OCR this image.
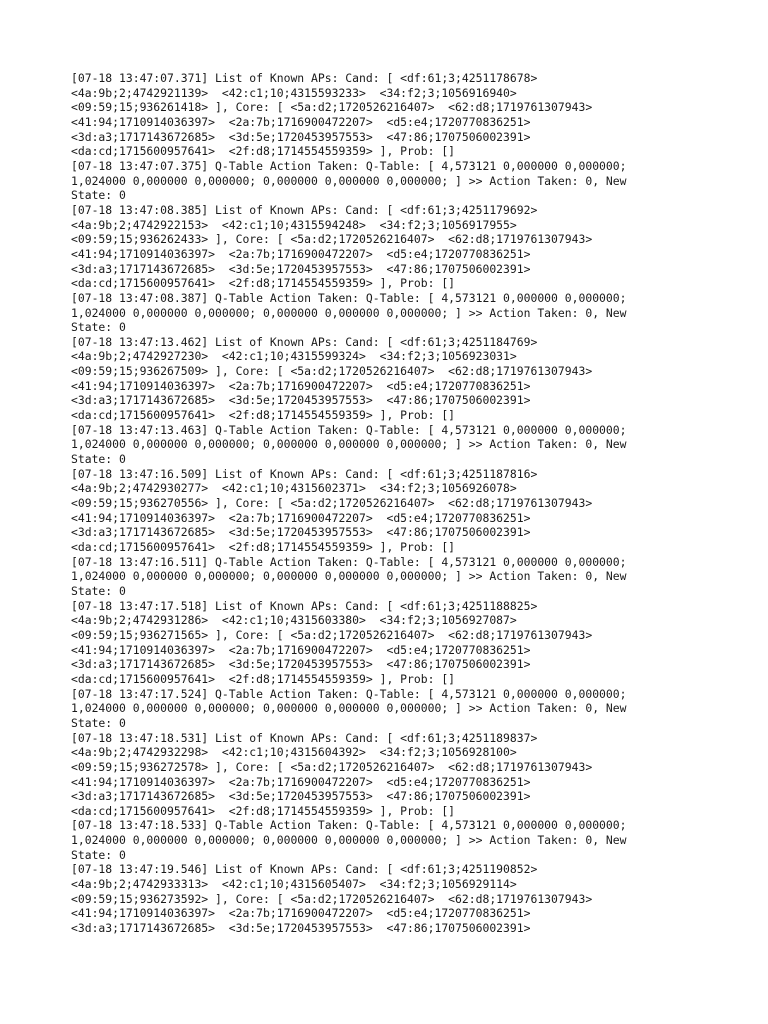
[07-18 13:47:07.371] List of Known APs: Cand: [ <df:61;3;4251178678>
<4a:9b;2;4742921139>  <42:c1;10;4315593233>  <34:f2;3;1056916940>
<09:59;15;936261418> ], Core: [ <5a:d2;1720526216407>  <62:d8;1719761307943>
<41:94;1710914036397>  <2a:7b;1716900472207>  <d5:e4;1720770836251>
<3d:a3;1717143672685>  <3d:5e;1720453957553>  <47:86;1707506002391>
<da:cd;1715600957641>  <2f:d8;1714554559359> ], Prob: []
[07-18 13:47:07.375] Q-Table Action Taken: Q-Table: [ 4,573121 0,000000 0,000000;
1,024000 0,000000 0,000000; 0,000000 0,000000 0,000000; ] >> Action Taken: 0, New
State: 0
[07-18 13:47:08.385] List of Known APs: Cand: [ <df:61;3;4251179692>
<4a:9b;2;4742922153>  <42:c1;10;4315594248>  <34:f2;3;1056917955>
<09:59;15;936262433> ], Core: [ <5a:d2;1720526216407>  <62:d8;1719761307943>
<41:94;1710914036397>  <2a:7b;1716900472207>  <d5:e4;1720770836251>
<3d:a3;1717143672685>  <3d:5e;1720453957553>  <47:86;1707506002391>
<da:cd;1715600957641>  <2f:d8;1714554559359> ], Prob: []
[07-18 13:47:08.387] Q-Table Action Taken: Q-Table: [ 4,573121 0,000000 0,000000;
1,024000 0,000000 0,000000; 0,000000 0,000000 0,000000; ] >> Action Taken: 0, New
State: 0
[07-18 13:47:13.462] List of Known APs: Cand: [ <df:61;3;4251184769>
<4a:9b;2;4742927230>  <42:c1;10;4315599324>  <34:f2;3;1056923031>
<09:59;15;936267509> ], Core: [ <5a:d2;1720526216407>  <62:d8;1719761307943>
<41:94;1710914036397>  <2a:7b;1716900472207>  <d5:e4;1720770836251>
<3d:a3;1717143672685>  <3d:5e;1720453957553>  <47:86;1707506002391>
<da:cd;1715600957641>  <2f:d8;1714554559359> ], Prob: []
[07-18 13:47:13.463] Q-Table Action Taken: Q-Table: [ 4,573121 0,000000 0,000000;
1,024000 0,000000 0,000000; 0,000000 0,000000 0,000000; ] >> Action Taken: 0, New
State: 0
[07-18 13:47:16.509] List of Known APs: Cand: [ <df:61;3;4251187816>
<4a:9b;2;4742930277>  <42:c1;10;4315602371>  <34:f2;3;1056926078>
<09:59;15;936270556> ], Core: [ <5a:d2;1720526216407>  <62:d8;1719761307943>
<41:94;1710914036397>  <2a:7b;1716900472207>  <d5:e4;1720770836251>
<3d:a3;1717143672685>  <3d:5e;1720453957553>  <47:86;1707506002391>
<da:cd;1715600957641>  <2f:d8;1714554559359> ], Prob: []
[07-18 13:47:16.511] Q-Table Action Taken: Q-Table: [ 4,573121 0,000000 0,000000;
1,024000 0,000000 0,000000; 0,000000 0,000000 0,000000; ] >> Action Taken: 0, New
State: 0
[07-18 13:47:17.518] List of Known APs: Cand: [ <df:61;3;4251188825>
<4a:9b;2;4742931286>  <42:c1;10;4315603380>  <34:f2;3;1056927087>
<09:59;15;936271565> ], Core: [ <5a:d2;1720526216407>  <62:d8;1719761307943>
<41:94;1710914036397>  <2a:7b;1716900472207>  <d5:e4;1720770836251>
<3d:a3;1717143672685>  <3d:5e;1720453957553>  <47:86;1707506002391>
<da:cd;1715600957641>  <2f:d8;1714554559359> ], Prob: []
[07-18 13:47:17.524] Q-Table Action Taken: Q-Table: [ 4,573121 0,000000 0,000000;
1,024000 0,000000 0,000000; 0,000000 0,000000 0,000000; ] >> Action Taken: 0, New
State: 0
[07-18 13:47:18.531] List of Known APs: Cand: [ <df:61;3;4251189837>
<4a:9b;2;4742932298>  <42:c1;10;4315604392>  <34:f2;3;1056928100>
<09:59;15;936272578> ], Core: [ <5a:d2;1720526216407>  <62:d8;1719761307943>
<41:94;1710914036397>  <2a:7b;1716900472207>  <d5:e4;1720770836251>
<3d:a3;1717143672685>  <3d:5e;1720453957553>  <47:86;1707506002391>
<da:cd;1715600957641>  <2f:d8;1714554559359> ], Prob: []
[07-18 13:47:18.533] Q-Table Action Taken: Q-Table: [ 4,573121 0,000000 0,000000;
1,024000 0,000000 0,000000; 0,000000 0,000000 0,000000; ] >> Action Taken: 0, New
State: 0
[07-18 13:47:19.546] List of Known APs: Cand: [ <df:61;3;4251190852>
<4a:9b;2;4742933313>  <42:c1;10;4315605407>  <34:f2;3;1056929114>
<09:59;15;936273592> ], Core: [ <5a:d2;1720526216407>  <62:d8;1719761307943>
<41:94;1710914036397>  <2a:7b;1716900472207>  <d5:e4;1720770836251>
<3d:a3;1717143672685>  <3d:5e;1720453957553>  <47:86;1707506002391>
